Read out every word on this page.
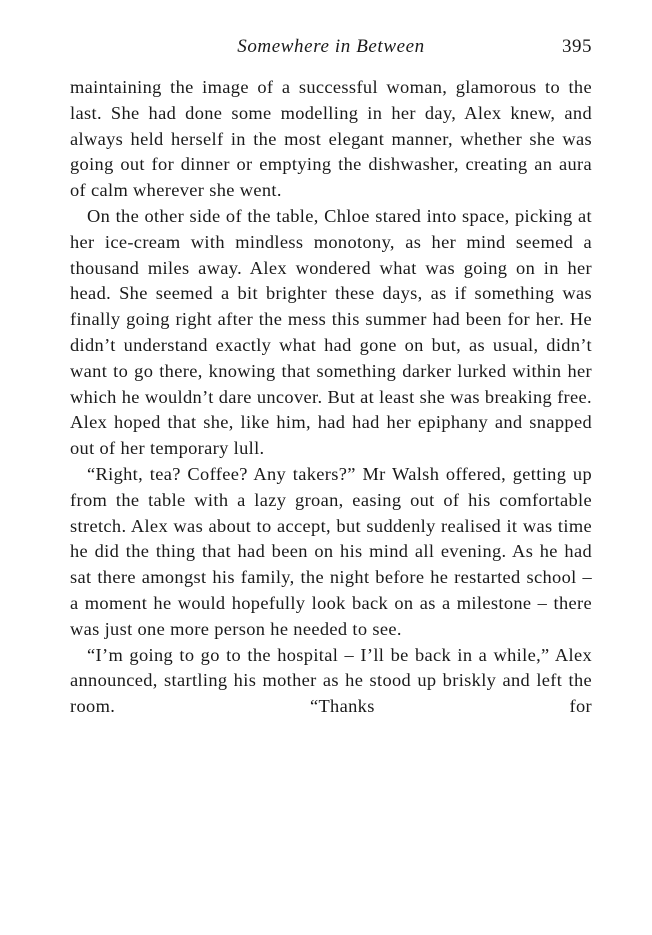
Somewhere in Between	395

maintaining the image of a successful woman, glamorous to the last. She had done some modelling in her day, Alex knew, and always held herself in the most elegant manner, whether she was going out for dinner or emptying the dishwasher, creating an aura of calm wherever she went.

On the other side of the table, Chloe stared into space, picking at her ice-cream with mindless monotony, as her mind seemed a thousand miles away. Alex wondered what was going on in her head. She seemed a bit brighter these days, as if something was finally going right after the mess this summer had been for her. He didn’t understand exactly what had gone on but, as usual, didn’t want to go there, knowing that something darker lurked within her which he wouldn’t dare uncover. But at least she was breaking free. Alex hoped that she, like him, had had her epiphany and snapped out of her temporary lull.

“Right, tea? Coffee? Any takers?” Mr Walsh offered, getting up from the table with a lazy groan, easing out of his comfortable stretch. Alex was about to accept, but suddenly realised it was time he did the thing that had been on his mind all evening. As he had sat there amongst his family, the night before he restarted school – a moment he would hopefully look back on as a milestone – there was just one more person he needed to see.

“I’m going to go to the hospital – I’ll be back in a while,” Alex announced, startling his mother as he stood up briskly and left the room. “Thanks for
